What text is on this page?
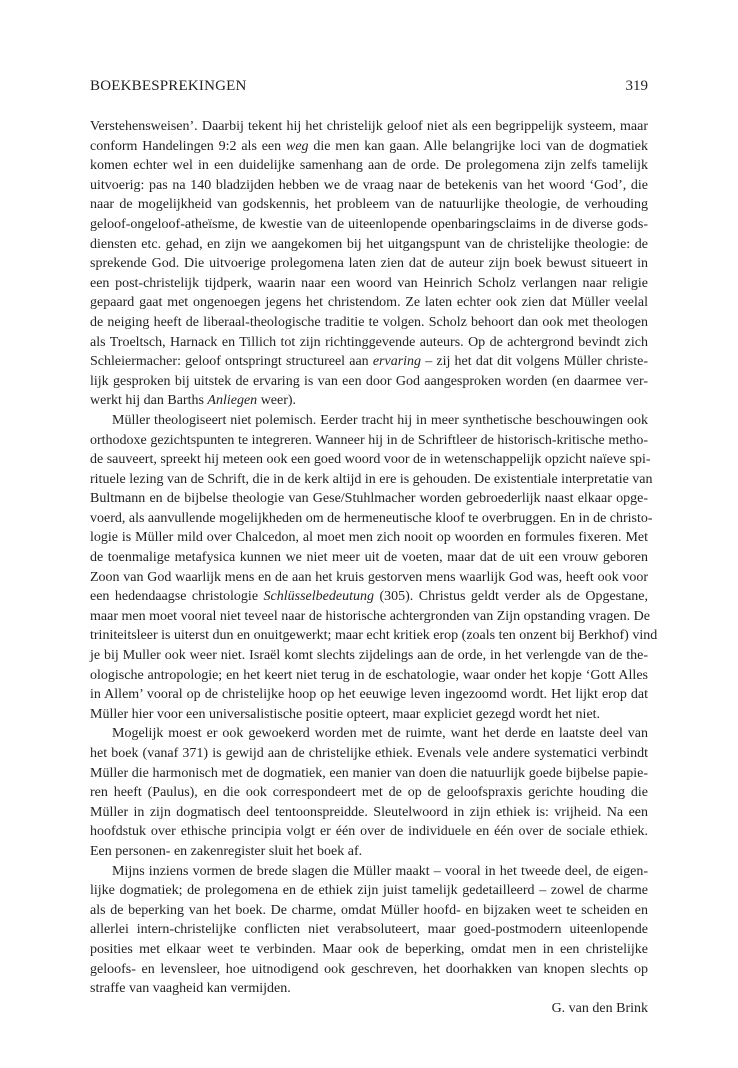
BOEKBESPREKINGEN	319
Verstehensweisen’. Daarbij tekent hij het christelijk geloof niet als een begrippelijk systeem, maar
conform Handelingen 9:2 als een weg die men kan gaan. Alle belangrijke loci van de dogmatiek
komen echter wel in een duidelijke samenhang aan de orde. De prolegomena zijn zelfs tamelijk
uitvoerig: pas na 140 bladzijden hebben we de vraag naar de betekenis van het woord ‘God’, die
naar de mogelijkheid van godskennis, het probleem van de natuurlijke theologie, de verhouding
geloof-ongeloof-atheïsme, de kwestie van de uiteenlopende openbaringsclaims in de diverse gods-
diensten etc. gehad, en zijn we aangekomen bij het uitgangspunt van de christelijke theologie: de
sprekende God. Die uitvoerige prolegomena laten zien dat de auteur zijn boek bewust situeert in
een post-christelijk tijdperk, waarin naar een woord van Heinrich Scholz verlangen naar religie
gepaard gaat met ongenoegen jegens het christendom. Ze laten echter ook zien dat Müller veelal
de neiging heeft de liberaal-theologische traditie te volgen. Scholz behoort dan ook met theologen
als Troeltsch, Harnack en Tillich tot zijn richtinggevende auteurs. Op de achtergrond bevindt zich
Schleiermacher: geloof ontspringt structureel aan ervaring – zij het dat dit volgens Müller christe-
lijk gesproken bij uitstek de ervaring is van een door God aangesproken worden (en daarmee ver-
werkt hij dan Barths Anliegen weer).
Müller theologiseert niet polemisch. Eerder tracht hij in meer synthetische beschouwingen ook
orthodoxe gezichtspunten te integreren. Wanneer hij in de Schriftleer de historisch-kritische metho-
de sauveert, spreekt hij meteen ook een goed woord voor de in wetenschappelijk opzicht naïeve spi-
rituele lezing van de Schrift, die in de kerk altijd in ere is gehouden. De existentiale interpretatie van
Bultmann en de bijbelse theologie van Gese/Stuhlmacher worden gebroederlijk naast elkaar opge-
voerd, als aanvullende mogelijkheden om de hermeneutische kloof te overbruggen. En in de christo-
logie is Müller mild over Chalcedon, al moet men zich nooit op woorden en formules fixeren. Met
de toenmalige metafysica kunnen we niet meer uit de voeten, maar dat de uit een vrouw geboren
Zoon van God waarlijk mens en de aan het kruis gestorven mens waarlijk God was, heeft ook voor
een hedendaagse christologie Schlüsselbedeutung (305). Christus geldt verder als de Opgestane,
maar men moet vooral niet teveel naar de historische achtergronden van Zijn opstanding vragen. De
triniteitsleer is uiterst dun en onuitgewerkt; maar echt kritiek erop (zoals ten onzent bij Berkhof) vind
je bij Muller ook weer niet. Israël komt slechts zijdelings aan de orde, in het verlengde van de the-
ologische antropologie; en het keert niet terug in de eschatologie, waar onder het kopje ‘Gott Alles
in Allem’ vooral op de christelijke hoop op het eeuwige leven ingezoomd wordt. Het lijkt erop dat
Müller hier voor een universalistische positie opteert, maar expliciet gezegd wordt het niet.
Mogelijk moest er ook gewoekerd worden met de ruimte, want het derde en laatste deel van
het boek (vanaf 371) is gewijd aan de christelijke ethiek. Evenals vele andere systematici verbindt
Müller die harmonisch met de dogmatiek, een manier van doen die natuurlijk goede bijbelse papie-
ren heeft (Paulus), en die ook correspondeert met de op de geloofspraxis gerichte houding die
Müller in zijn dogmatisch deel tentoonspreidde. Sleutelwoord in zijn ethiek is: vrijheid. Na een
hoofdstuk over ethische principia volgt er één over de individuele en één over de sociale ethiek.
Een personen- en zakenregister sluit het boek af.
Mijns inziens vormen de brede slagen die Müller maakt – vooral in het tweede deel, de eigen-
lijke dogmatiek; de prolegomena en de ethiek zijn juist tamelijk gedetailleerd – zowel de charme
als de beperking van het boek. De charme, omdat Müller hoofd- en bijzaken weet te scheiden en
allerlei intern-christelijke conflicten niet verabsoluteert, maar goed-postmodern uiteenlopende
posities met elkaar weet te verbinden. Maar ook de beperking, omdat men in een christelijke
geloofs- en levensleer, hoe uitnodigend ook geschreven, het doorhakken van knopen slechts op
straffe van vaagheid kan vermijden.
G. van den Brink
